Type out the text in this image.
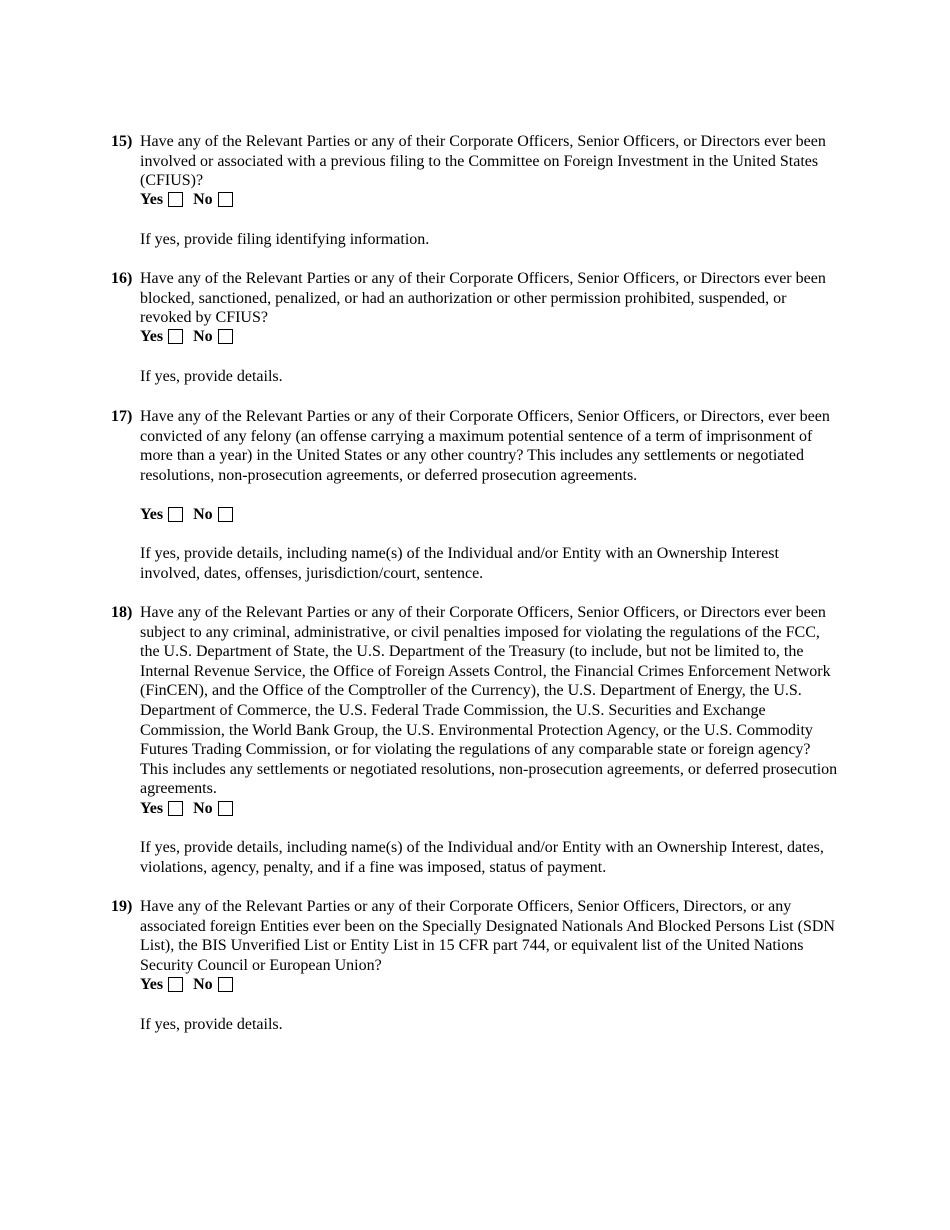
15) Have any of the Relevant Parties or any of their Corporate Officers, Senior Officers, or Directors ever been involved or associated with a previous filing to the Committee on Foreign Investment in the United States (CFIUS)?

Yes No

If yes, provide filing identifying information.

16) Have any of the Relevant Parties or any of their Corporate Officers, Senior Officers, or Directors ever been blocked, sanctioned, penalized, or had an authorization or other permission prohibited, suspended, or revoked by CFIUS?

Yes No

If yes, provide details.

17) Have any of the Relevant Parties or any of their Corporate Officers, Senior Officers, or Directors, ever been convicted of any felony (an offense carrying a maximum potential sentence of a term of imprisonment of more than a year) in the United States or any other country? This includes any settlements or negotiated resolutions, non-prosecution agreements, or deferred prosecution agreements.

Yes No

If yes, provide details, including name(s) of the Individual and/or Entity with an Ownership Interest involved, dates, offenses, jurisdiction/court, sentence.

18) Have any of the Relevant Parties or any of their Corporate Officers, Senior Officers, or Directors ever been subject to any criminal, administrative, or civil penalties imposed for violating the regulations of the FCC, the U.S. Department of State, the U.S. Department of the Treasury (to include, but not be limited to, the Internal Revenue Service, the Office of Foreign Assets Control, the Financial Crimes Enforcement Network (FinCEN), and the Office of the Comptroller of the Currency), the U.S. Department of Energy, the U.S. Department of Commerce, the U.S. Federal Trade Commission, the U.S. Securities and Exchange Commission, the World Bank Group, the U.S. Environmental Protection Agency, or the U.S. Commodity Futures Trading Commission, or for violating the regulations of any comparable state or foreign agency? This includes any settlements or negotiated resolutions, non-prosecution agreements, or deferred prosecution agreements.

Yes No

If yes, provide details, including name(s) of the Individual and/or Entity with an Ownership Interest, dates, violations, agency, penalty, and if a fine was imposed, status of payment.

19) Have any of the Relevant Parties or any of their Corporate Officers, Senior Officers, Directors, or any associated foreign Entities ever been on the Specially Designated Nationals And Blocked Persons List (SDN List), the BIS Unverified List or Entity List in 15 CFR part 744, or equivalent list of the United Nations Security Council or European Union?

Yes No

If yes, provide details.
